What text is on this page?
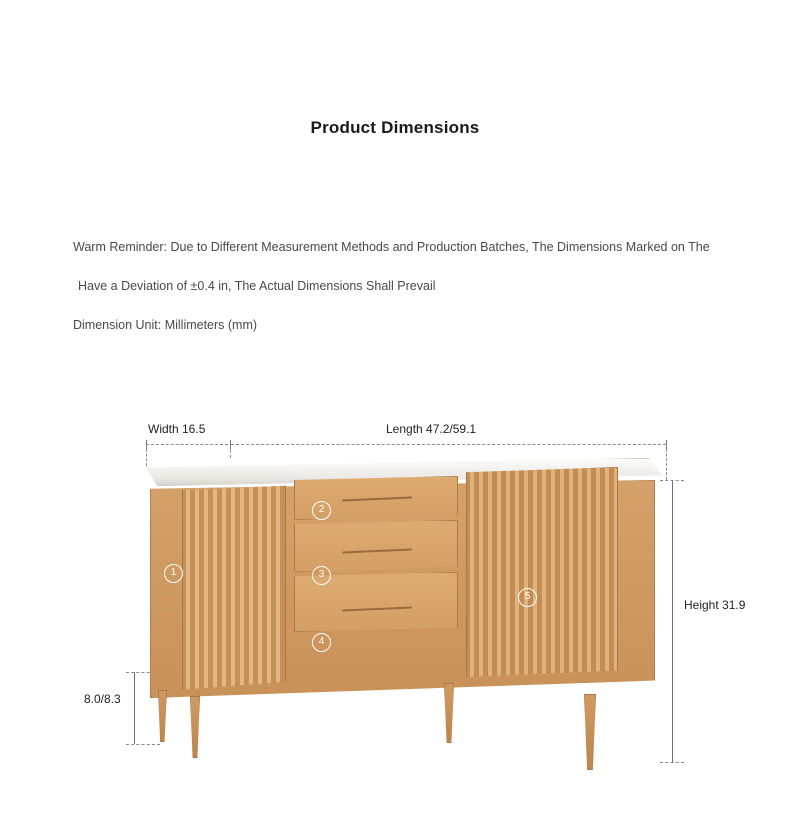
Product Dimensions
Warm Reminder: Due to Different Measurement Methods and Production Batches, The Dimensions Marked on The
Have a Deviation of ±0.4 in, The Actual Dimensions Shall Prevail
Dimension Unit: Millimeters (mm)
Width 16.5	Length 47.2/59.1
Height 31.9
8.0/8.3
1
2
3
4
5
